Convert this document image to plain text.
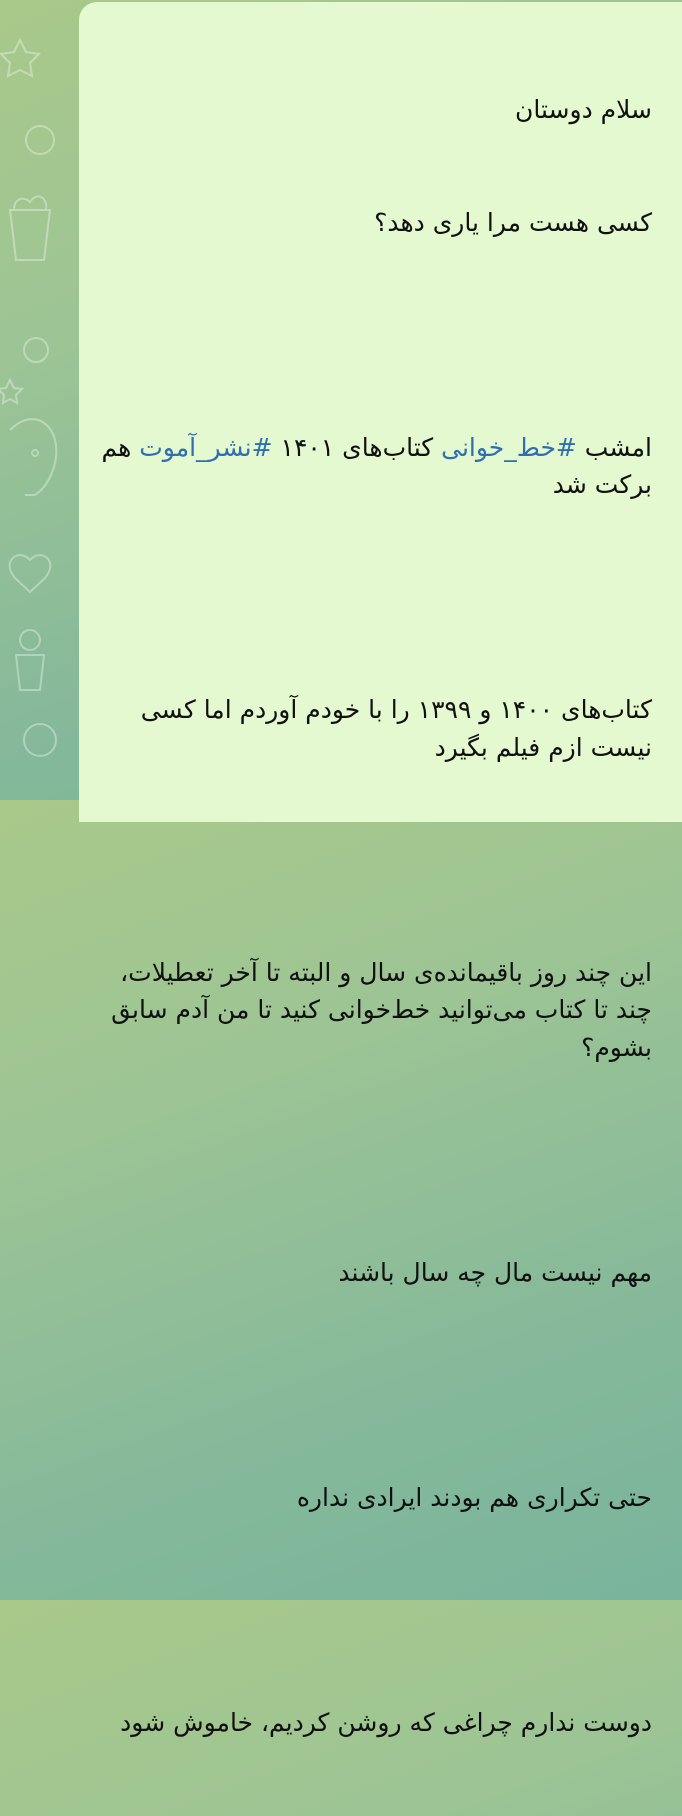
سلام دوستان

کسی هست مرا یاری دهد؟

امشب #خط_خوانی کتاب‌های ۱۴۰۱ #نشر_آموت هم برکت شد

کتاب‌های ۱۴۰۰ و ۱۳۹۹ را با خودم آوردم اما کسی نیست ازم فیلم بگیرد

این چند روز باقیمانده‌ی سال و البته تا آخر تعطیلات، چند تا کتاب می‌توانید خط‌خوانی کنید تا من آدم سابق بشوم؟

مهم نیست مال چه سال باشند

حتی تکراری هم بودند ایرادی نداره

دوست ندارم چراغی که روشن کردیم، خاموش شود
